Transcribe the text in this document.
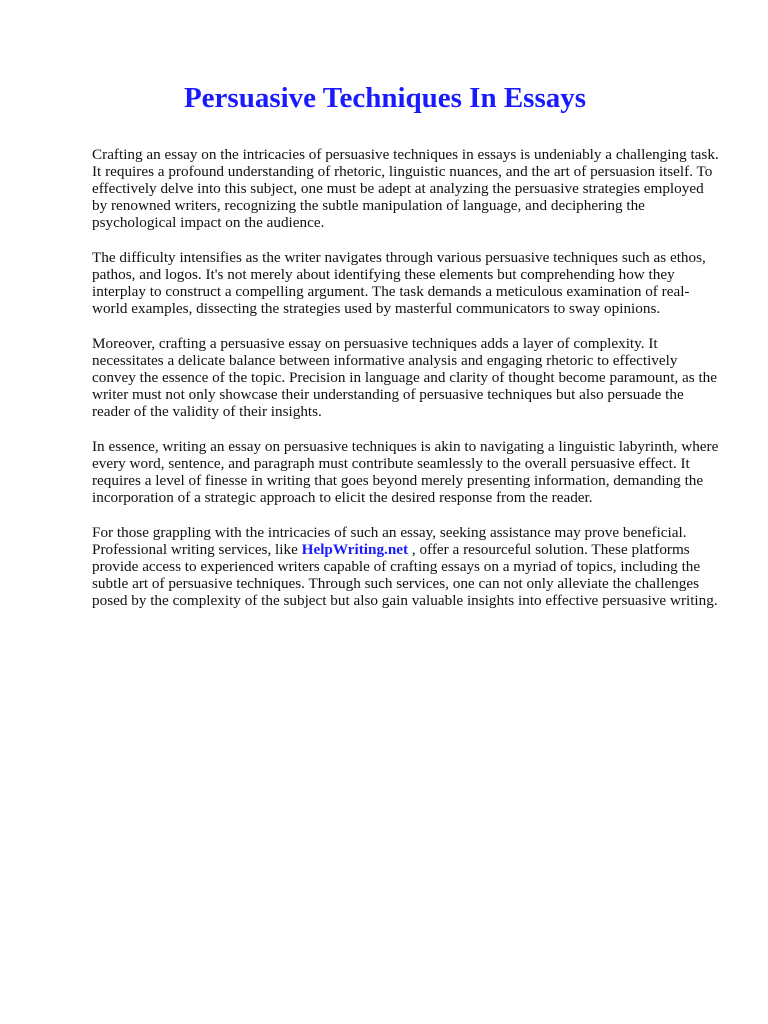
Persuasive Techniques In Essays

Crafting an essay on the intricacies of persuasive techniques in essays is undeniably a challenging task. It requires a profound understanding of rhetoric, linguistic nuances, and the art of persuasion itself. To effectively delve into this subject, one must be adept at analyzing the persuasive strategies employed by renowned writers, recognizing the subtle manipulation of language, and deciphering the psychological impact on the audience.

The difficulty intensifies as the writer navigates through various persuasive techniques such as ethos, pathos, and logos. It's not merely about identifying these elements but comprehending how they interplay to construct a compelling argument. The task demands a meticulous examination of real-world examples, dissecting the strategies used by masterful communicators to sway opinions.

Moreover, crafting a persuasive essay on persuasive techniques adds a layer of complexity. It necessitates a delicate balance between informative analysis and engaging rhetoric to effectively convey the essence of the topic. Precision in language and clarity of thought become paramount, as the writer must not only showcase their understanding of persuasive techniques but also persuade the reader of the validity of their insights.

In essence, writing an essay on persuasive techniques is akin to navigating a linguistic labyrinth, where every word, sentence, and paragraph must contribute seamlessly to the overall persuasive effect. It requires a level of finesse in writing that goes beyond merely presenting information, demanding the incorporation of a strategic approach to elicit the desired response from the reader.

For those grappling with the intricacies of such an essay, seeking assistance may prove beneficial. Professional writing services, like HelpWriting.net , offer a resourceful solution. These platforms provide access to experienced writers capable of crafting essays on a myriad of topics, including the subtle art of persuasive techniques. Through such services, one can not only alleviate the challenges posed by the complexity of the subject but also gain valuable insights into effective persuasive writing.
